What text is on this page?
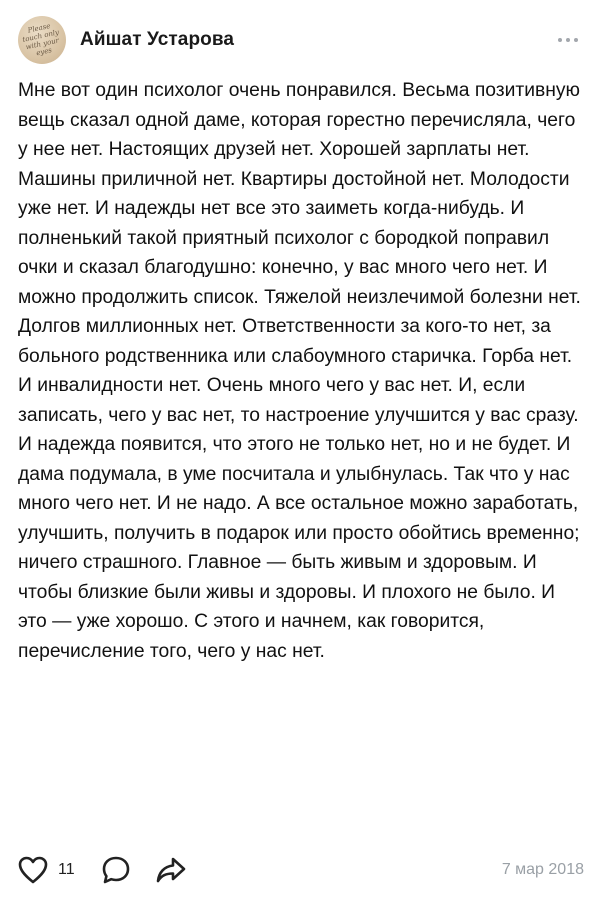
Please
touch only
with your
eyes
Айшат Устарова
Мне вот один психолог очень понравился. Весьма позитивную вещь сказал одной даме, которая горестно перечисляла, чего у нее нет. Настоящих друзей нет. Хорошей зарплаты нет. Машины приличной нет. Квартиры достойной нет. Молодости уже нет. И надежды нет все это заиметь когда-нибудь. И полненький такой приятный психолог с бородкой поправил очки и сказал благодушно: конечно, у вас много чего нет. И можно продолжить список. Тяжелой неизлечимой болезни нет. Долгов миллионных нет. Ответственности за кого-то нет, за больного родственника или слабоумного старичка. Горба нет. И инвалидности нет. Очень много чего у вас нет. И, если записать, чего у вас нет, то настроение улучшится у вас сразу. И надежда появится, что этого не только нет, но и не будет. И дама подумала, в уме посчитала и улыбнулась. Так что у нас много чего нет. И не надо. А все остальное можно заработать, улучшить, получить в подарок или просто обойтись временно; ничего страшного. Главное — быть живым и здоровым. И чтобы близкие были живы и здоровы. И плохого не было. И это — уже хорошо. С этого и начнем, как говорится, перечисление того, чего у нас нет.
11	7 мар 2018
